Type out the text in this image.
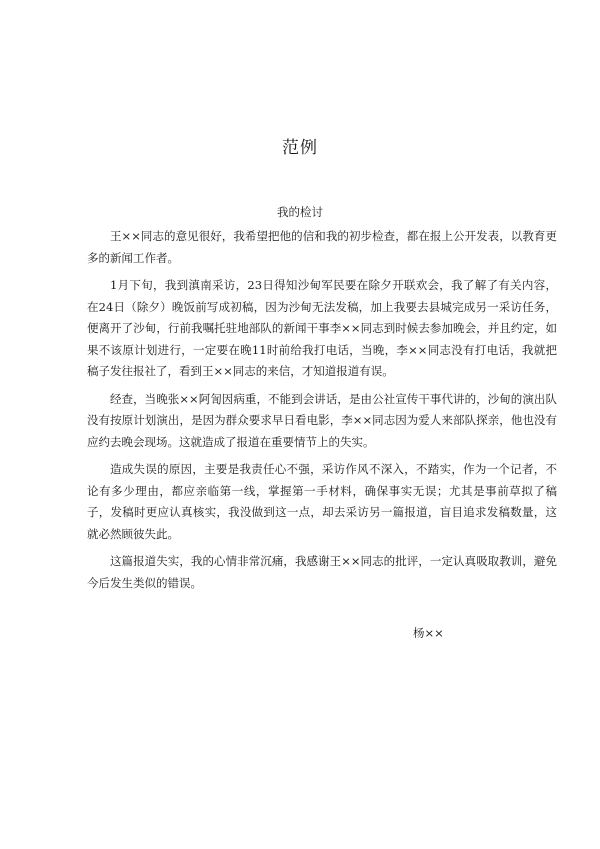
范例
我的检讨

王××同志的意见很好，我希望把他的信和我的初步检查，都在报上公开发表，以教育更多的新闻工作者。

1月下旬，我到滇南采访，23日得知沙甸军民要在除夕开联欢会，我了解了有关内容，在24日（除夕）晚饭前写成初稿，因为沙甸无法发稿，加上我要去县城完成另一采访任务，便离开了沙甸，行前我嘱托驻地部队的新闻干事李××同志到时候去参加晚会，并且约定，如果不该原计划进行，一定要在晚11时前给我打电话，当晚，李××同志没有打电话，我就把稿子发往报社了，看到王××同志的来信，才知道报道有误。

经查，当晚张××阿訇因病重，不能到会讲话，是由公社宣传干事代讲的，沙甸的演出队没有按原计划演出，是因为群众要求早日看电影，李××同志因为爱人来部队探亲，他也没有应约去晚会现场。这就造成了报道在重要情节上的失实。

造成失误的原因，主要是我责任心不强，采访作风不深入，不踏实，作为一个记者，不论有多少理由，都应亲临第一线，掌握第一手材料，确保事实无误；尤其是事前草拟了稿子，发稿时更应认真核实，我没做到这一点，却去采访另一篇报道，盲目追求发稿数量，这就必然顾彼失此。

这篇报道失实，我的心情非常沉痛，我感谢王××同志的批评，一定认真吸取教训，避免今后发生类似的错误。

杨××
